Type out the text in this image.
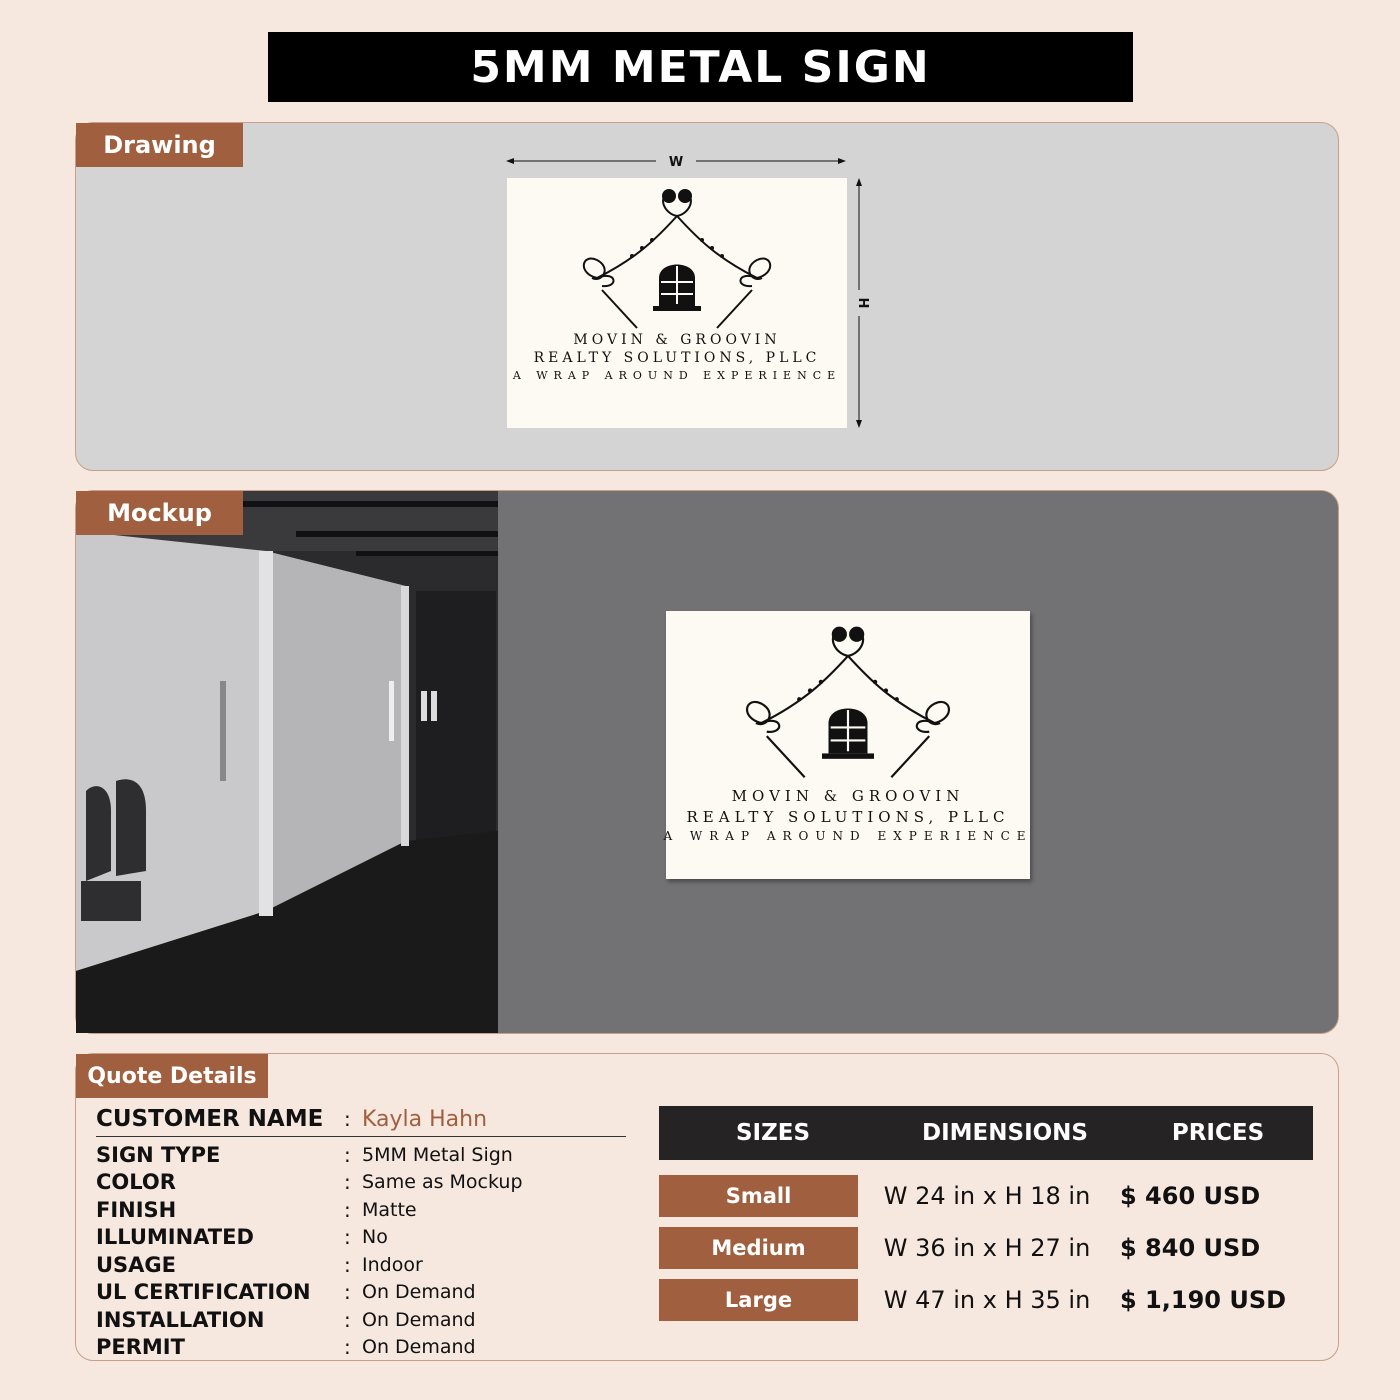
5MM METAL SIGN
Drawing
W
H
MOVIN & GROOVIN
REALTY SOLUTIONS, PLLC
A WRAP AROUND EXPERIENCE
Mockup
MOVIN & GROOVIN
REALTY SOLUTIONS, PLLC
A WRAP AROUND EXPERIENCE
Quote Details
CUSTOMER NAME	: Kayla Hahn
SIGN TYPE	: 5MM Metal Sign
COLOR	: Same as Mockup
FINISH	: Matte
ILLUMINATED	: No
USAGE	: Indoor
UL CERTIFICATION	: On Demand
INSTALLATION	: On Demand
PERMIT	: On Demand
SIZES	DIMENSIONS	PRICES
Small	W 24 in x H 18 in	$ 460 USD
Medium	W 36 in x H 27 in	$ 840 USD
Large	W 47 in x H 35 in	$ 1,190 USD
